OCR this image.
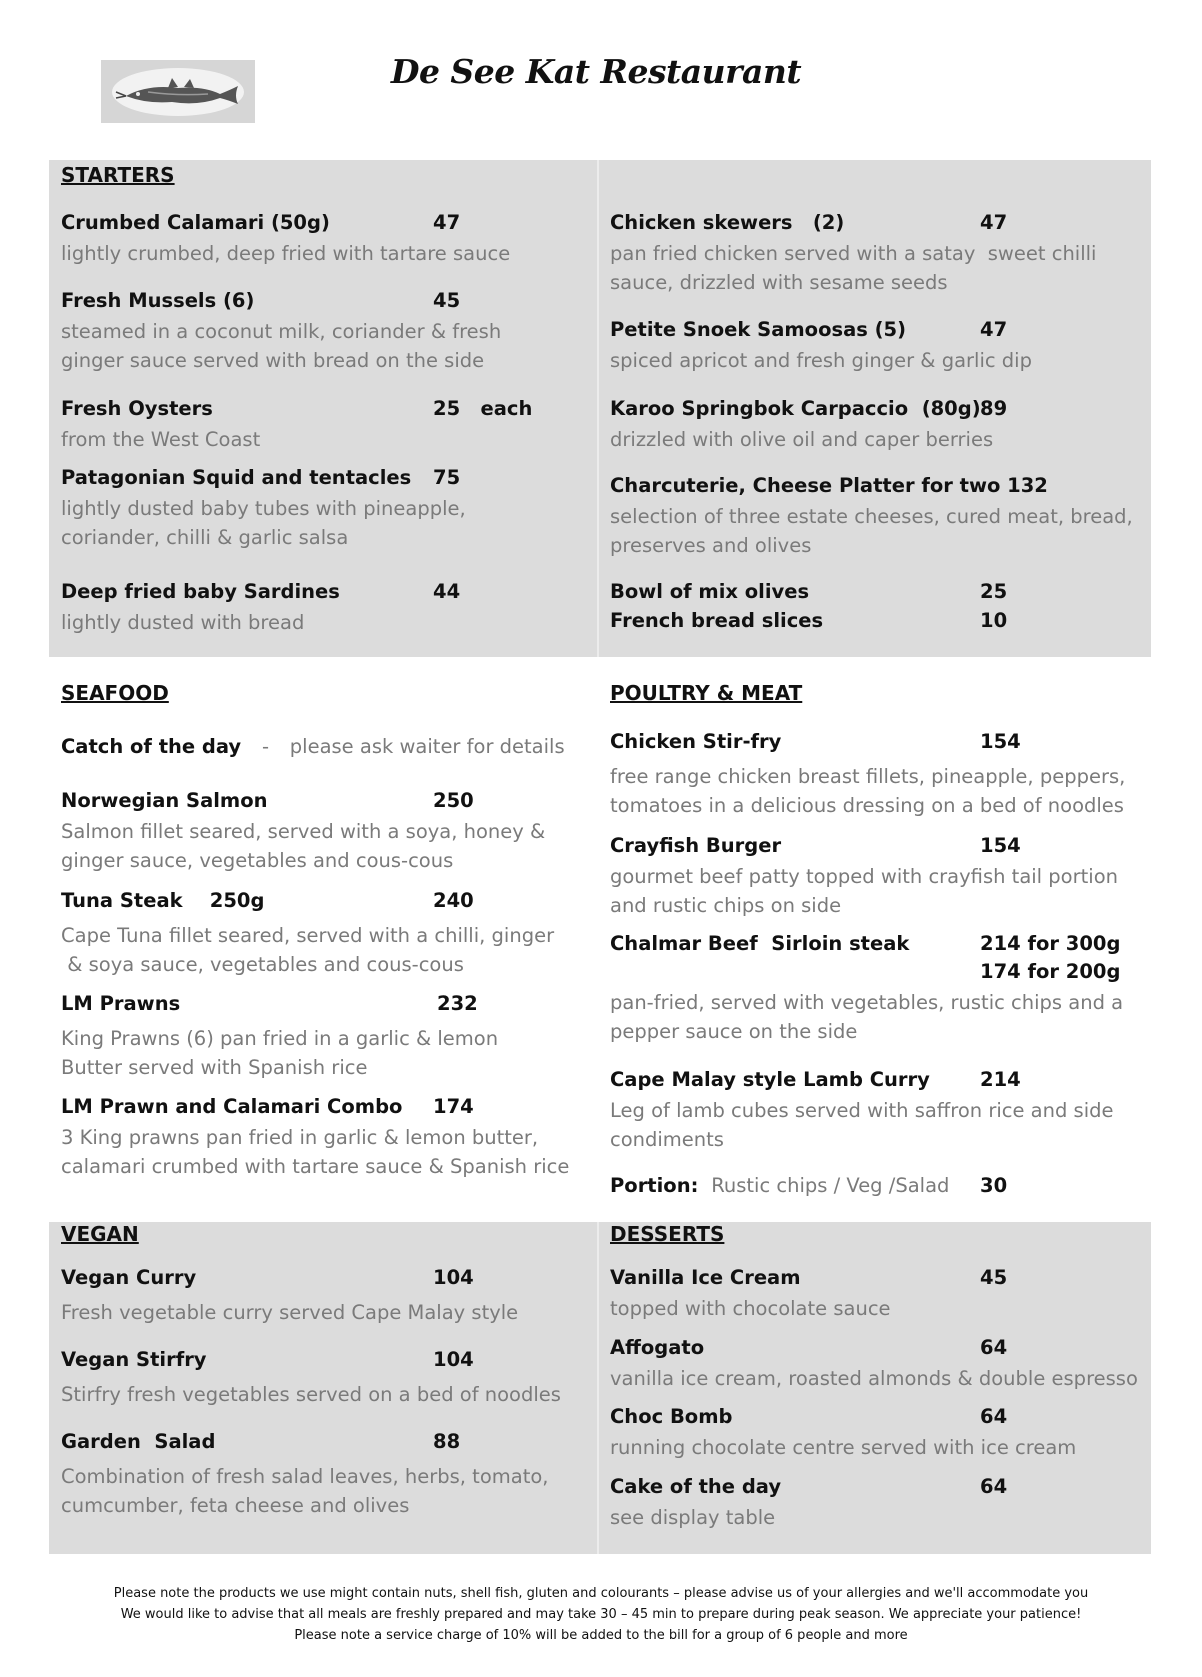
De See Kat Restaurant
STARTERS
Crumbed Calamari (50g)	47
lightly crumbed, deep fried with tartare sauce
Fresh Mussels (6)	45
steamed in a coconut milk, coriander & fresh
ginger sauce served with bread on the side
Fresh Oysters	25   each
from the West Coast
Patagonian Squid and tentacles 75
lightly dusted baby tubes with pineapple,
coriander, chilli & garlic salsa
Deep fried baby Sardines	44
lightly dusted with bread
Chicken skewers   (2)	47
pan fried chicken served with a satay  sweet chilli
sauce, drizzled with sesame seeds
Petite Snoek Samoosas (5)	47
spiced apricot and fresh ginger & garlic dip
Karoo Springbok Carpaccio  (80g) 89
drizzled with olive oil and caper berries
Charcuterie, Cheese Platter for two 132
selection of three estate cheeses, cured meat, bread,
preserves and olives
Bowl of mix olives	25
French bread slices	10
SEAFOOD
Catch of the day - please ask waiter for details
Norwegian Salmon	250
Salmon fillet seared, served with a soya, honey &
ginger sauce, vegetables and cous-cous
Tuna Steak    250g	240
Cape Tuna fillet seared, served with a chilli, ginger
& soya sauce, vegetables and cous-cous
LM Prawns	232
King Prawns (6) pan fried in a garlic & lemon
Butter served with Spanish rice
LM Prawn and Calamari Combo 174
3 King prawns pan fried in garlic & lemon butter,
calamari crumbed with tartare sauce & Spanish rice
POULTRY & MEAT
Chicken Stir-fry	154
free range chicken breast fillets, pineapple, peppers,
tomatoes in a delicious dressing on a bed of noodles
Crayfish Burger	154
gourmet beef patty topped with crayfish tail portion
and rustic chips on side
Chalmar Beef  Sirloin steak	214 for 300g
174 for 200g
pan-fried, served with vegetables, rustic chips and a
pepper sauce on the side
Cape Malay style Lamb Curry	214
Leg of lamb cubes served with saffron rice and side
condiments
Portion: Rustic chips / Veg /Salad 30
VEGAN
Vegan Curry	104
Fresh vegetable curry served Cape Malay style
Vegan Stirfry	104
Stirfry fresh vegetables served on a bed of noodles
Garden  Salad	88
Combination of fresh salad leaves, herbs, tomato,
cumcumber, feta cheese and olives
DESSERTS
Vanilla Ice Cream	45
topped with chocolate sauce
Affogato	64
vanilla ice cream, roasted almonds & double espresso
Choc Bomb	64
running chocolate centre served with ice cream
Cake of the day	64
see display table
Please note the products we use might contain nuts, shell fish, gluten and colourants – please advise us of your allergies and we'll accommodate you
We would like to advise that all meals are freshly prepared and may take 30 – 45 min to prepare during peak season. We appreciate your patience!
Please note a service charge of 10% will be added to the bill for a group of 6 people and more
